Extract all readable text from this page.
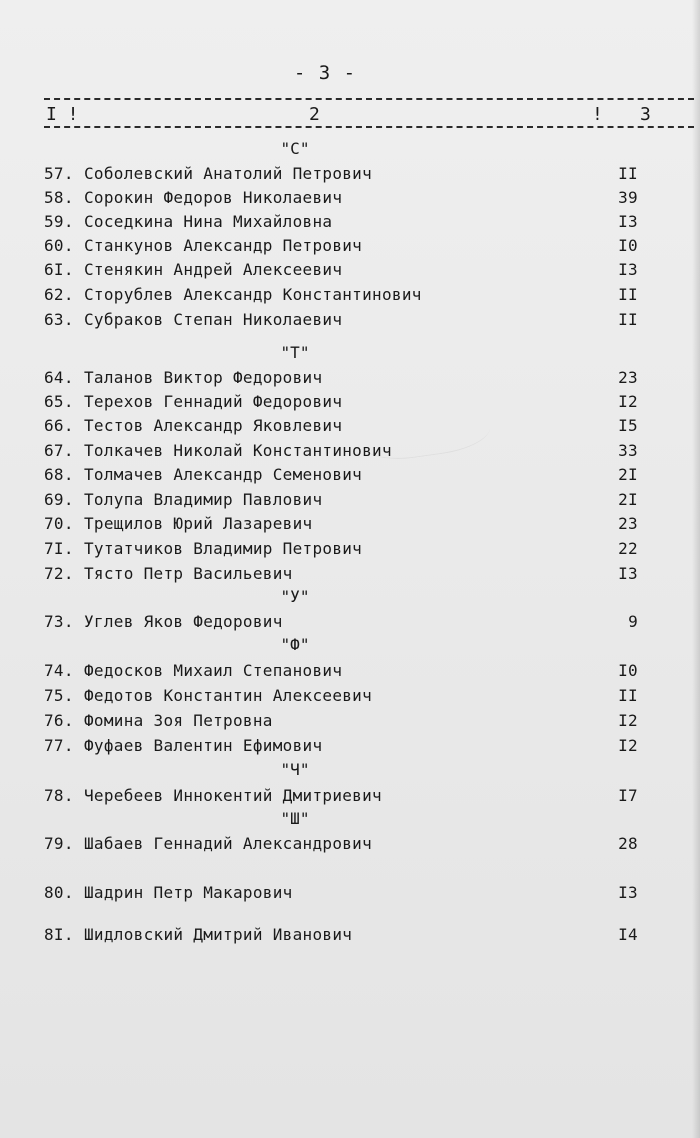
- 3 -
I !	2	! 3
"С"
57. Соболевский Анатолий Петрович	II
58. Сорокин Федоров Николаевич	39
59. Соседкина Нина Михайловна	I3
60. Станкунов Александр Петрович	I0
6I. Стенякин Андрей Алексеевич	I3
62. Сторублев Александр Константинович	II
63. Субраков Степан Николаевич	II
"Т"
64. Таланов Виктор Федорович	23
65. Терехов Геннадий Федорович	I2
66. Тестов Александр Яковлевич	I5
67. Толкачев Николай Константинович	33
68. Толмачев Александр Семенович	2I
69. Толупа Владимир Павлович	2I
70. Трещилов Юрий Лазаревич	23
7I. Тутатчиков Владимир Петрович	22
72. Тясто Петр Васильевич	I3
"У"
73. Углев Яков Федорович	9
"Ф"
74. Федосков Михаил Степанович	I0
75. Федотов Константин Алексеевич	II
76. Фомина Зоя Петровна	I2
77. Фуфаев Валентин Ефимович	I2
"Ч"
78. Черебеев Иннокентий Дмитриевич	I7
"Ш"
79. Шабаев Геннадий Александрович	28
80. Шадрин Петр Макарович	I3
8I. Шидловский Дмитрий Иванович	I4
